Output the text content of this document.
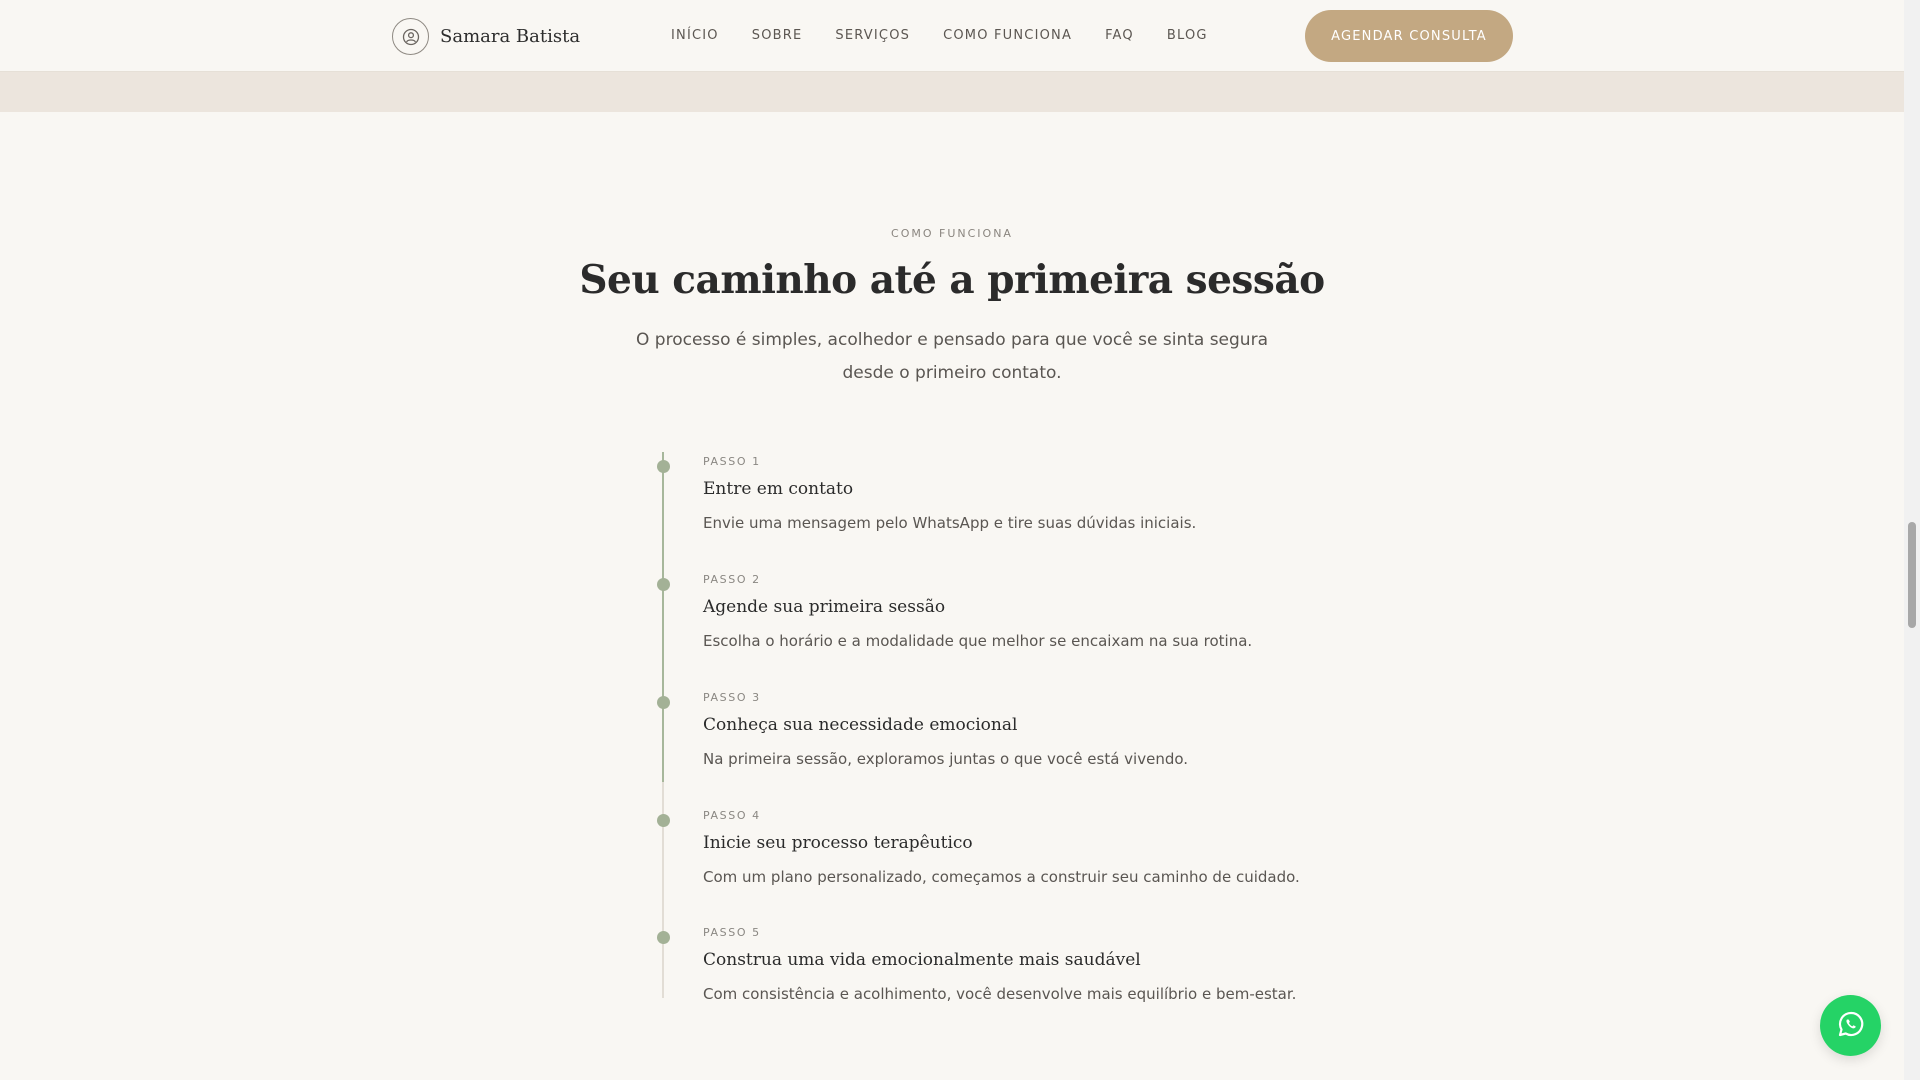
Samara Batista	INÍCIO	SOBRE	SERVIÇOS	COMO FUNCIONA	FAQ	BLOG	AGENDAR CONSULTA
COMO FUNCIONA
Seu caminho até a primeira sessão

O processo é simples, acolhedor e pensado para que você se sinta segura desde o primeiro contato.

PASSO 1
Entre em contato
Envie uma mensagem pelo WhatsApp e tire suas dúvidas iniciais.
PASSO 2
Agende sua primeira sessão
Escolha o horário e a modalidade que melhor se encaixam na sua rotina.
PASSO 3
Conheça sua necessidade emocional
Na primeira sessão, exploramos juntas o que você está vivendo.
PASSO 4
Inicie seu processo terapêutico
Com um plano personalizado, começamos a construir seu caminho de cuidado.
PASSO 5
Construa uma vida emocionalmente mais saudável
Com consistência e acolhimento, você desenvolve mais equilíbrio e bem-estar.
